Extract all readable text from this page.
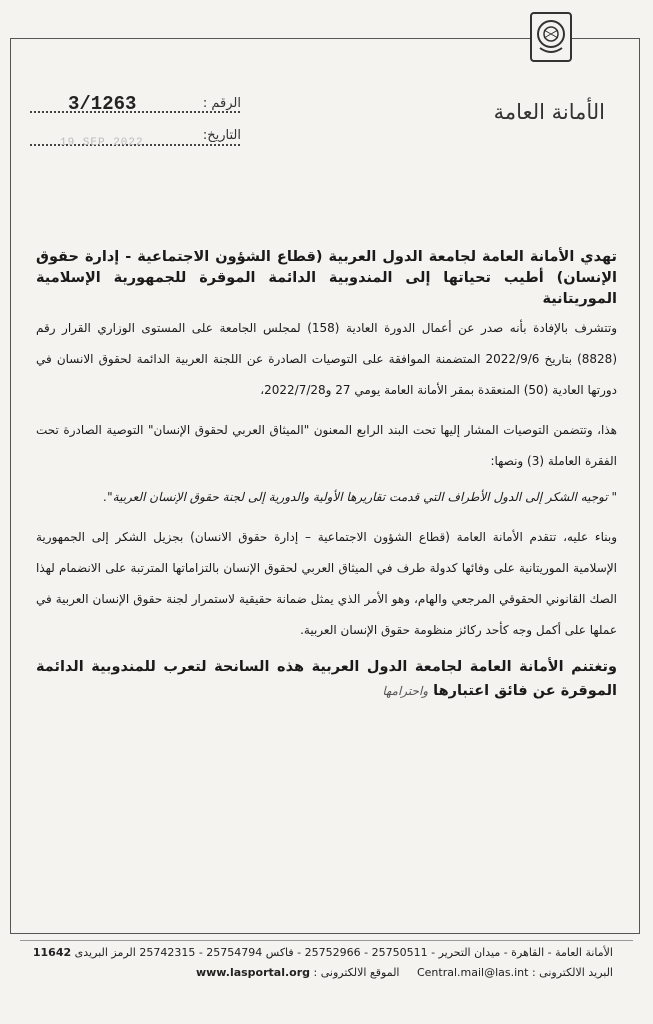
الأمانة العامة
الرقم :
3/1263
التاريخ:
19 SEP 2022

تهدي الأمانة العامة لجامعة الدول العربية (قطاع الشؤون الاجتماعية - إدارة حقوق الإنسان) أطيب تحياتها إلى المندوبية الدائمة الموقرة للجمهورية الإسلامية الموريتانية

وتتشرف بالإفادة بأنه صدر عن أعمال الدورة العادية (158) لمجلس الجامعة على المستوى الوزاري القرار رقم (8828) بتاريخ 2022/9/6 المتضمنة الموافقة على التوصيات الصادرة عن اللجنة العربية الدائمة لحقوق الانسان في دورتها العادية (50) المنعقدة بمقر الأمانة العامة يومي 27 و2022/7/28،

هذا، وتتضمن التوصيات المشار إليها تحت البند الرابع المعنون "الميثاق العربي لحقوق الإنسان" التوصية الصادرة تحت الفقرة العاملة (3) ونصها:

" توجيه الشكر إلى الدول الأطراف التي قدمت تقاريرها الأولية والدورية إلى لجنة حقوق الإنسان العربية".

وبناء عليه، تتقدم الأمانة العامة (قطاع الشؤون الاجتماعية – إدارة حقوق الانسان) بجزيل الشكر إلى الجمهورية الإسلامية الموريتانية على وفائها كدولة طرف في الميثاق العربي لحقوق الإنسان بالتزاماتها المترتبة على الانضمام لهذا الصك القانوني الحقوقي المرجعي والهام، وهو الأمر الذي يمثل ضمانة حقيقية لاستمرار لجنة حقوق الإنسان العربية في عملها على أكمل وجه كأحد ركائز منظومة حقوق الإنسان العربية.

وتغتنم الأمانة العامة لجامعة الدول العربية هذه السانحة لتعرب للمندوبية الدائمة الموقرة عن فائق اعتبارها واحترامها

الأمانة العامة - القاهرة - ميدان التحرير - 25750511 - 25752966 - فاكس 25754794 - 25742315 الرمز البريدى 11642
البريد الالكترونى : Central.mail@las.int     الموقع الالكترونى : www.lasportal.org
